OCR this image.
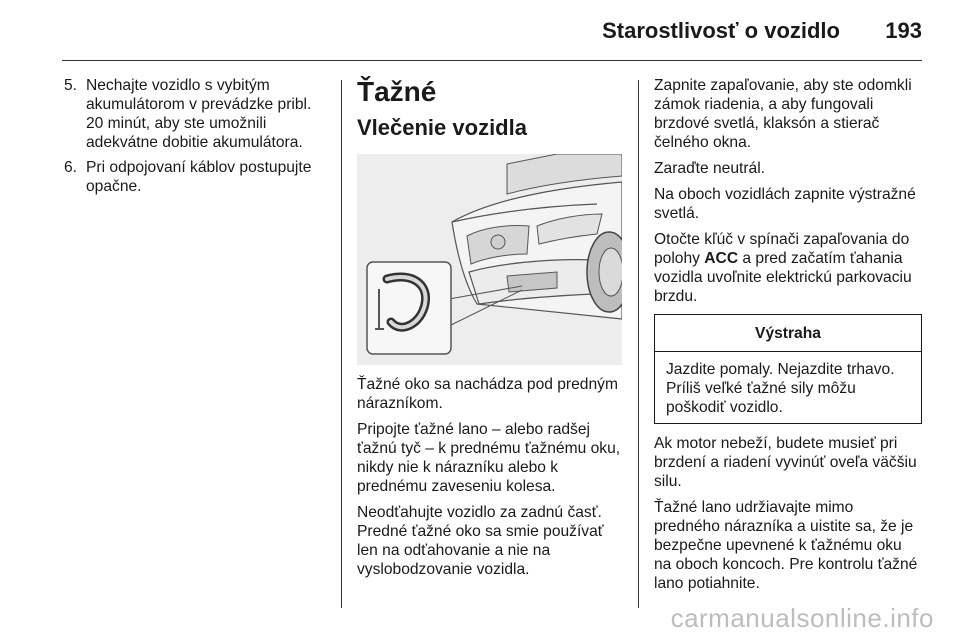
Starostlivosť o vozidlo 193
5. Nechajte vozidlo s vybitým akumulátorom v prevádzke pribl. 20 minút, aby ste umožnili adekvátne dobitie akumulátora.
6. Pri odpojovaní káblov postupujte opačne.
Ťažné
Vlečenie vozidla

Ťažné oko sa nachádza pod predným nárazníkom.

Pripojte ťažné lano – alebo radšej ťažnú tyč – k prednému ťažnému oku, nikdy nie k nárazníku alebo k prednému zaveseniu kolesa.

Neodťahujte vozidlo za zadnú časť. Predné ťažné oko sa smie používať len na odťahovanie a nie na vyslobodzovanie vozidla.

Zapnite zapaľovanie, aby ste odomkli zámok riadenia, a aby fungovali brzdové svetlá, klaksón a stierač čelného okna.

Zaraďte neutrál.

Na oboch vozidlách zapnite výstražné svetlá.

Otočte kľúč v spínači zapaľovania do polohy ACC a pred začatím ťahania vozidla uvoľnite elektrickú parkovaciu brzdu.

Výstraha

Jazdite pomaly. Nejazdite trhavo. Príliš veľké ťažné sily môžu poškodiť vozidlo.

Ak motor nebeží, budete musieť pri brzdení a riadení vyvinúť oveľa väčšiu silu.

Ťažné lano udržiavajte mimo predného nárazníka a uistite sa, že je bezpečne upevnené k ťažnému oku na oboch koncoch. Pre kontrolu ťažné lano potiahnite.

carmanualsonline.info
